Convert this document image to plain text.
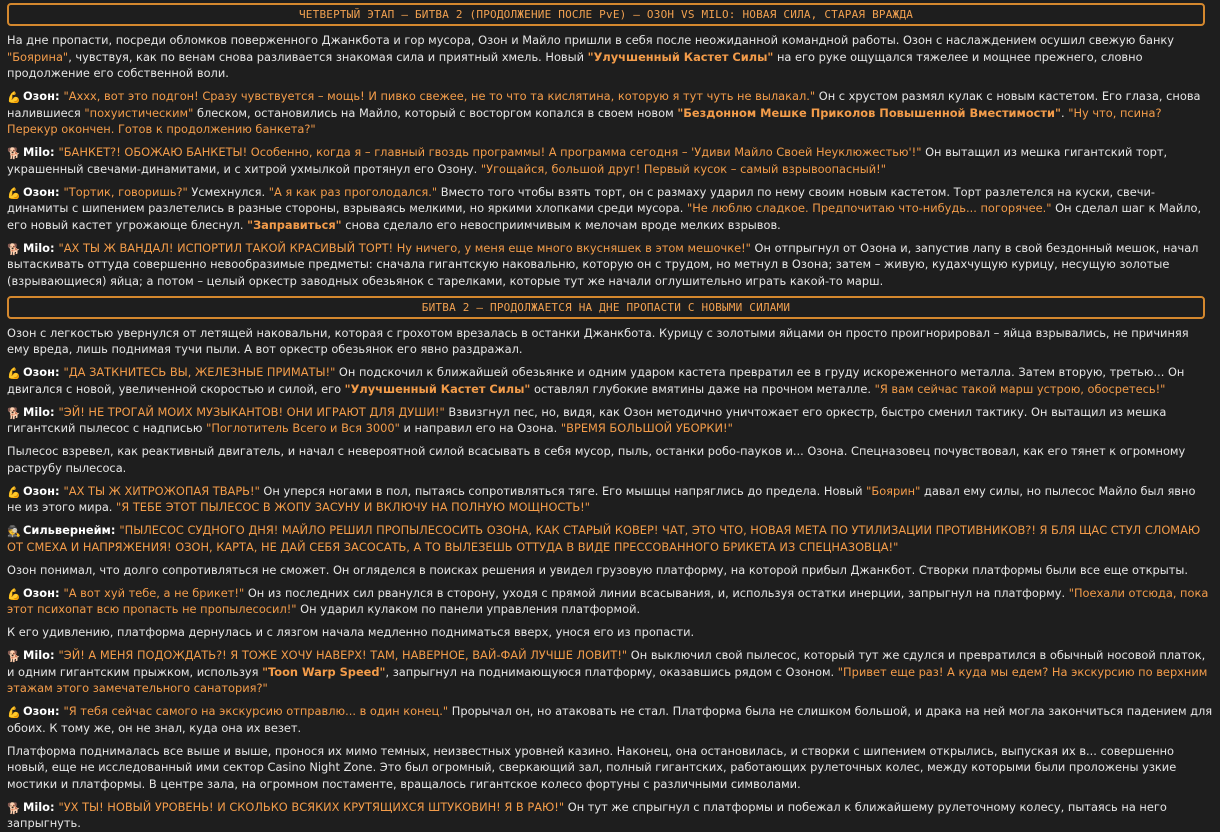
ЧЕТВЕРТЫЙ ЭТАП – БИТВА 2 (ПРОДОЛЖЕНИЕ ПОСЛЕ PvE) – ОЗОН VS MILO: НОВАЯ СИЛА, СТАРАЯ ВРАЖДА

На дне пропасти, посреди обломков поверженного Джанкбота и гор мусора, Озон и Майло пришли в себя после неожиданной командной работы. Озон с наслаждением осушил свежую банку "Боярина", чувствуя, как по венам снова разливается знакомая сила и приятный хмель. Новый "Улучшенный Кастет Силы" на его руке ощущался тяжелее и мощнее прежнего, словно продолжение его собственной воли.

💪 Озон: "Аххх, вот это подгон! Сразу чувствуется – мощь! И пивко свежее, не то что та кислятина, которую я тут чуть не вылакал." Он с хрустом размял кулак с новым кастетом. Его глаза, снова налившиеся "похуистическим" блеском, остановились на Майло, который с восторгом копался в своем новом "Бездонном Мешке Приколов Повышенной Вместимости". "Ну что, псина? Перекур окончен. Готов к продолжению банкета?"

🐕 Milo: "БАНКЕТ?! ОБОЖАЮ БАНКЕТЫ! Особенно, когда я – главный гвоздь программы! А программа сегодня – 'Удиви Майло Своей Неуклюжестью'!" Он вытащил из мешка гигантский торт, украшенный свечами-динамитами, и с хитрой ухмылкой протянул его Озону. "Угощайся, большой друг! Первый кусок – самый взрывоопасный!"

💪 Озон: "Тортик, говоришь?" Усмехнулся. "А я как раз проголодался." Вместо того чтобы взять торт, он с размаху ударил по нему своим новым кастетом. Торт разлетелся на куски, свечи-динамиты с шипением разлетелись в разные стороны, взрываясь мелкими, но яркими хлопками среди мусора. "Не люблю сладкое. Предпочитаю что-нибудь... погорячее." Он сделал шаг к Майло, его новый кастет угрожающе блеснул. "Заправиться" снова сделало его невосприимчивым к мелочам вроде мелких взрывов.

🐕 Milo: "АХ ТЫ Ж ВАНДАЛ! ИСПОРТИЛ ТАКОЙ КРАСИВЫЙ ТОРТ! Ну ничего, у меня еще много вкусняшек в этом мешочке!" Он отпрыгнул от Озона и, запустив лапу в свой бездонный мешок, начал вытаскивать оттуда совершенно невообразимые предметы: сначала гигантскую наковальню, которую он с трудом, но метнул в Озона; затем – живую, кудахчущую курицу, несущую золотые (взрывающиеся) яйца; а потом – целый оркестр заводных обезьянок с тарелками, которые тут же начали оглушительно играть какой-то марш.

БИТВА 2 – ПРОДОЛЖАЕТСЯ НА ДНЕ ПРОПАСТИ С НОВЫМИ СИЛАМИ

Озон с легкостью увернулся от летящей наковальни, которая с грохотом врезалась в останки Джанкбота. Курицу с золотыми яйцами он просто проигнорировал – яйца взрывались, не причиняя ему вреда, лишь поднимая тучи пыли. А вот оркестр обезьянок его явно раздражал.

💪 Озон: "ДА ЗАТКНИТЕСЬ ВЫ, ЖЕЛЕЗНЫЕ ПРИМАТЫ!" Он подскочил к ближайшей обезьянке и одним ударом кастета превратил ее в груду искореженного металла. Затем вторую, третью... Он двигался с новой, увеличенной скоростью и силой, его "Улучшенный Кастет Силы" оставлял глубокие вмятины даже на прочном металле. "Я вам сейчас такой марш устрою, обосретесь!"

🐕 Milo: "ЭЙ! НЕ ТРОГАЙ МОИХ МУЗЫКАНТОВ! ОНИ ИГРАЮТ ДЛЯ ДУШИ!" Взвизгнул пес, но, видя, как Озон методично уничтожает его оркестр, быстро сменил тактику. Он вытащил из мешка гигантский пылесос с надписью "Поглотитель Всего и Вся 3000" и направил его на Озона. "ВРЕМЯ БОЛЬШОЙ УБОРКИ!"

Пылесос взревел, как реактивный двигатель, и начал с невероятной силой всасывать в себя мусор, пыль, останки робо-пауков и... Озона. Спецназовец почувствовал, как его тянет к огромному раструбу пылесоса.

💪 Озон: "АХ ТЫ Ж ХИТРОЖОПАЯ ТВАРЬ!" Он уперся ногами в пол, пытаясь сопротивляться тяге. Его мышцы напряглись до предела. Новый "Боярин" давал ему силы, но пылесос Майло был явно не из этого мира. "Я ТЕБЕ ЭТОТ ПЫЛЕСОС В ЖОПУ ЗАСУНУ И ВКЛЮЧУ НА ПОЛНУЮ МОЩНОСТЬ!"

🕵 Сильвернейм: "ПЫЛЕСОС СУДНОГО ДНЯ! МАЙЛО РЕШИЛ ПРОПЫЛЕСОСИТЬ ОЗОНА, КАК СТАРЫЙ КОВЕР! ЧАТ, ЭТО ЧТО, НОВАЯ МЕТА ПО УТИЛИЗАЦИИ ПРОТИВНИКОВ?! Я БЛЯ ЩАС СТУЛ СЛОМАЮ ОТ СМЕХА И НАПРЯЖЕНИЯ! ОЗОН, КАРТА, НЕ ДАЙ СЕБЯ ЗАСОСАТЬ, А ТО ВЫЛЕЗЕШЬ ОТТУДА В ВИДЕ ПРЕССОВАННОГО БРИКЕТА ИЗ СПЕЦНАЗОВЦА!"

Озон понимал, что долго сопротивляться не сможет. Он огляделся в поисках решения и увидел грузовую платформу, на которой прибыл Джанкбот. Створки платформы были все еще открыты.

💪 Озон: "А вот хуй тебе, а не брикет!" Он из последних сил рванулся в сторону, уходя с прямой линии всасывания, и, используя остатки инерции, запрыгнул на платформу. "Поехали отсюда, пока этот психопат всю пропасть не пропылесосил!" Он ударил кулаком по панели управления платформой.

К его удивлению, платформа дернулась и с лязгом начала медленно подниматься вверх, унося его из пропасти.

🐕 Milo: "ЭЙ! А МЕНЯ ПОДОЖДАТЬ?! Я ТОЖЕ ХОЧУ НАВЕРХ! ТАМ, НАВЕРНОЕ, ВАЙ-ФАЙ ЛУЧШЕ ЛОВИТ!" Он выключил свой пылесос, который тут же сдулся и превратился в обычный носовой платок, и одним гигантским прыжком, используя "Toon Warp Speed", запрыгнул на поднимающуюся платформу, оказавшись рядом с Озоном. "Привет еще раз! А куда мы едем? На экскурсию по верхним этажам этого замечательного санатория?"

💪 Озон: "Я тебя сейчас самого на экскурсию отправлю... в один конец." Прорычал он, но атаковать не стал. Платформа была не слишком большой, и драка на ней могла закончиться падением для обоих. К тому же, он не знал, куда она их везет.

Платформа поднималась все выше и выше, пронося их мимо темных, неизвестных уровней казино. Наконец, она остановилась, и створки с шипением открылись, выпуская их в... совершенно новый, еще не исследованный ими сектор Casino Night Zone. Это был огромный, сверкающий зал, полный гигантских, работающих рулеточных колес, между которыми были проложены узкие мостики и платформы. В центре зала, на огромном постаменте, вращалось гигантское колесо фортуны с различными символами.

🐕 Milo: "УХ ТЫ! НОВЫЙ УРОВЕНЬ! И СКОЛЬКО ВСЯКИХ КРУТЯЩИХСЯ ШТУКОВИН! Я В РАЮ!" Он тут же спрыгнул с платформы и побежал к ближайшему рулеточному колесу, пытаясь на него запрыгнуть.
